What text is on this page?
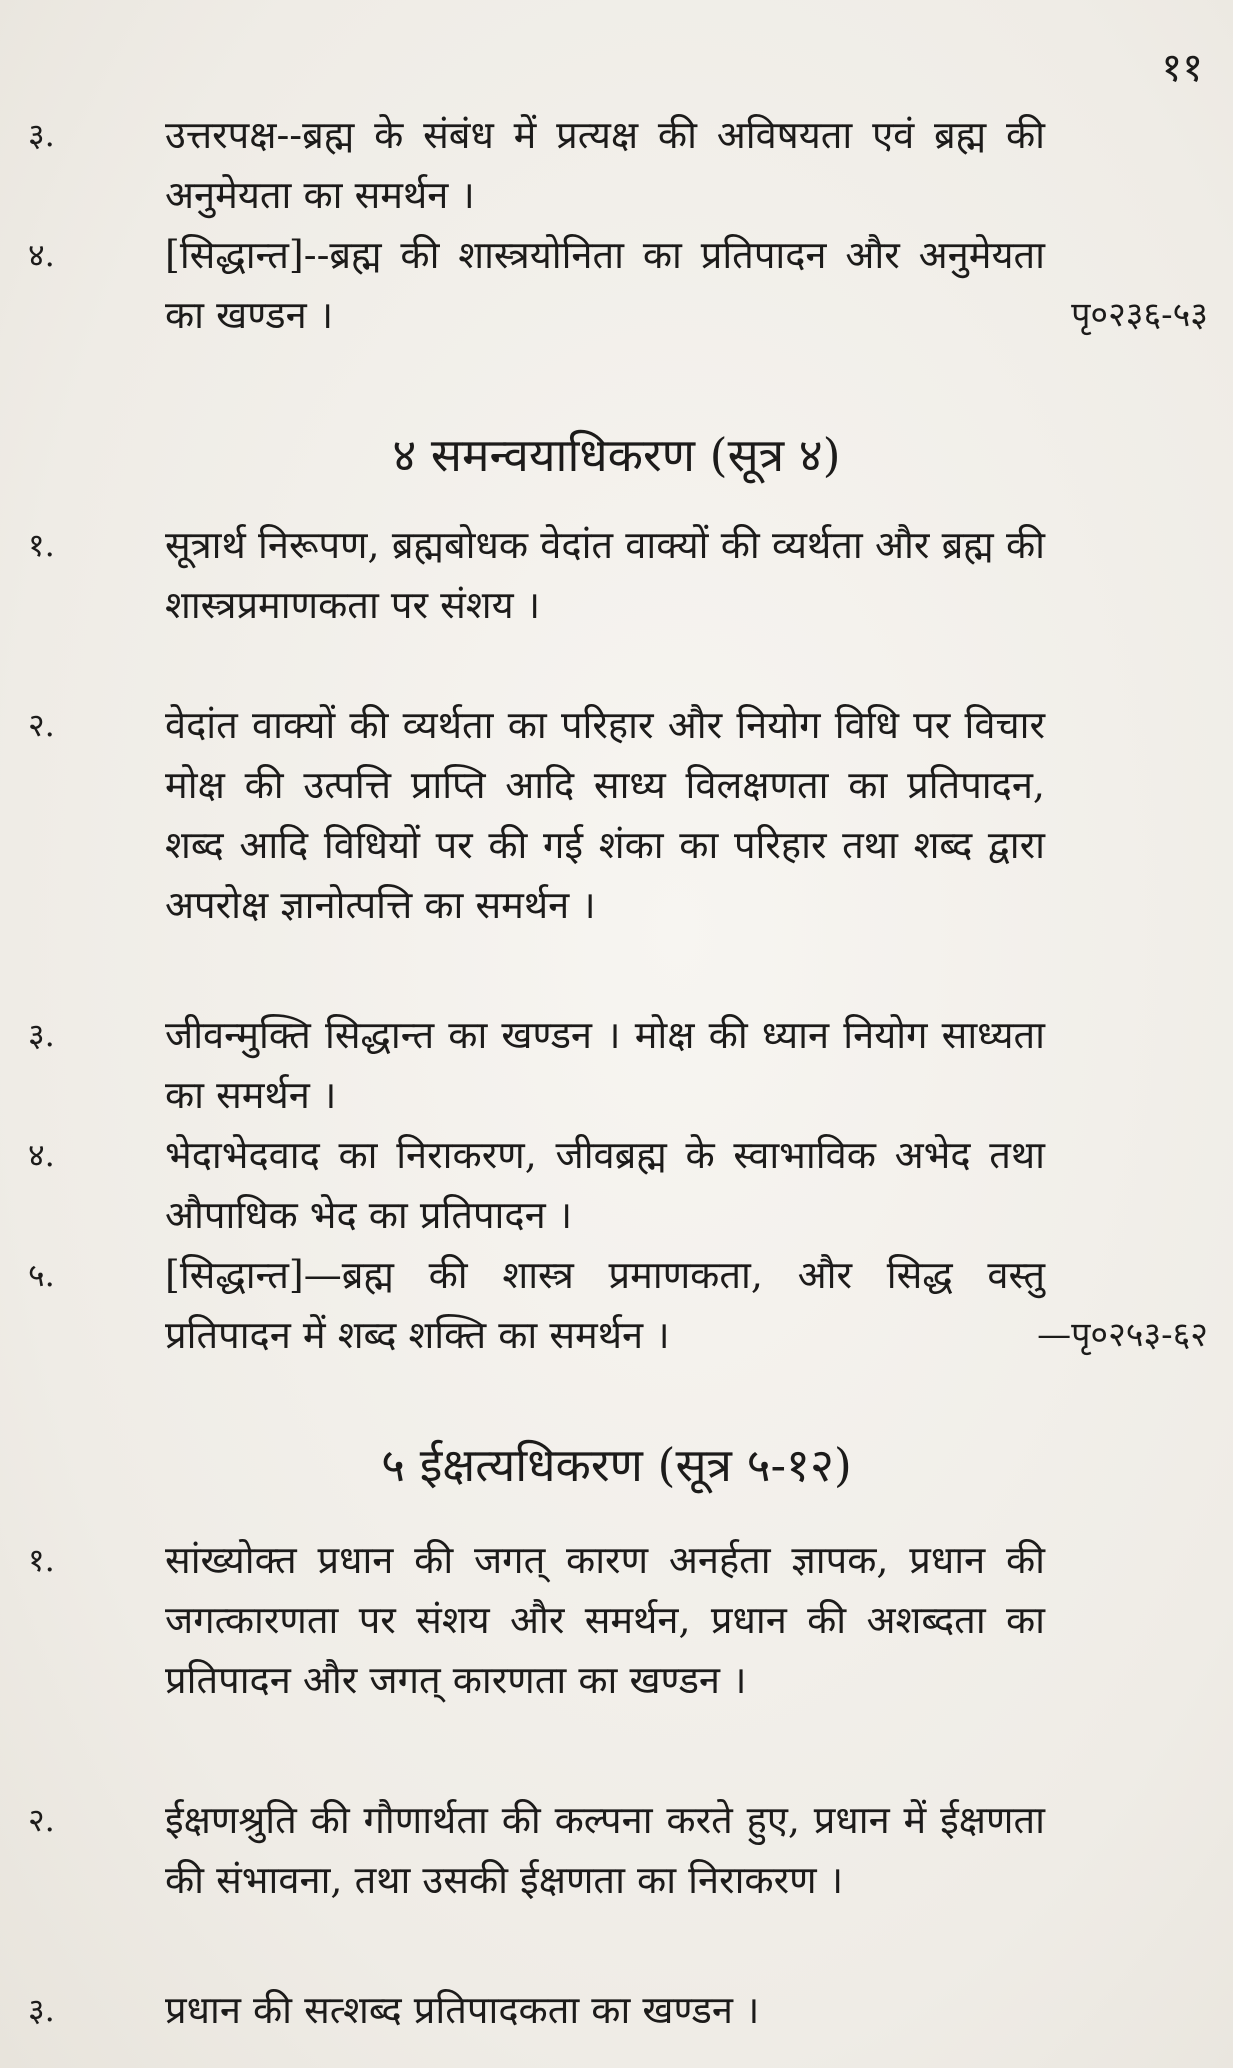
११
३.	उत्तरपक्ष--ब्रह्म के संबंध में प्रत्यक्ष की अविषयता एवं ब्रह्म की अनुमेयता का समर्थन ।
४.	[सिद्धान्त]--ब्रह्म की शास्त्रयोनिता का प्रतिपादन और अनुमेयता का खण्डन ।	पृ०२३६-५३
४ समन्वयाधिकरण (सूत्र ४)
१.	सूत्रार्थ निरूपण, ब्रह्मबोधक वेदांत वाक्यों की व्यर्थता और ब्रह्म की शास्त्रप्रमाणकता पर संशय ।
२.	वेदांत वाक्यों की व्यर्थता का परिहार और नियोग विधि पर विचार मोक्ष की उत्पत्ति प्राप्ति आदि साध्य विलक्षणता का प्रतिपादन, शब्द आदि विधियों पर की गई शंका का परिहार तथा शब्द द्वारा अपरोक्ष ज्ञानोत्पत्ति का समर्थन ।
३.	जीवन्मुक्ति सिद्धान्त का खण्डन । मोक्ष की ध्यान नियोग साध्यता का समर्थन ।
४.	भेदाभेदवाद का निराकरण, जीवब्रह्म के स्वाभाविक अभेद तथा औपाधिक भेद का प्रतिपादन ।
५.	[सिद्धान्त]—ब्रह्म की शास्त्र प्रमाणकता, और सिद्ध वस्तु प्रतिपादन में शब्द शक्ति का समर्थन ।	—पृ०२५३-६२
५ ईक्षत्यधिकरण (सूत्र ५-१२)
१.	सांख्योक्त प्रधान की जगत् कारण अनर्हता ज्ञापक, प्रधान की जगत्कारणता पर संशय और समर्थन, प्रधान की अशब्दता का प्रतिपादन और जगत् कारणता का खण्डन ।
२.	ईक्षणश्रुति की गौणार्थता की कल्पना करते हुए, प्रधान में ईक्षणता की संभावना, तथा उसकी ईक्षणता का निराकरण ।
३.	प्रधान की सत्शब्द प्रतिपादकता का खण्डन ।
